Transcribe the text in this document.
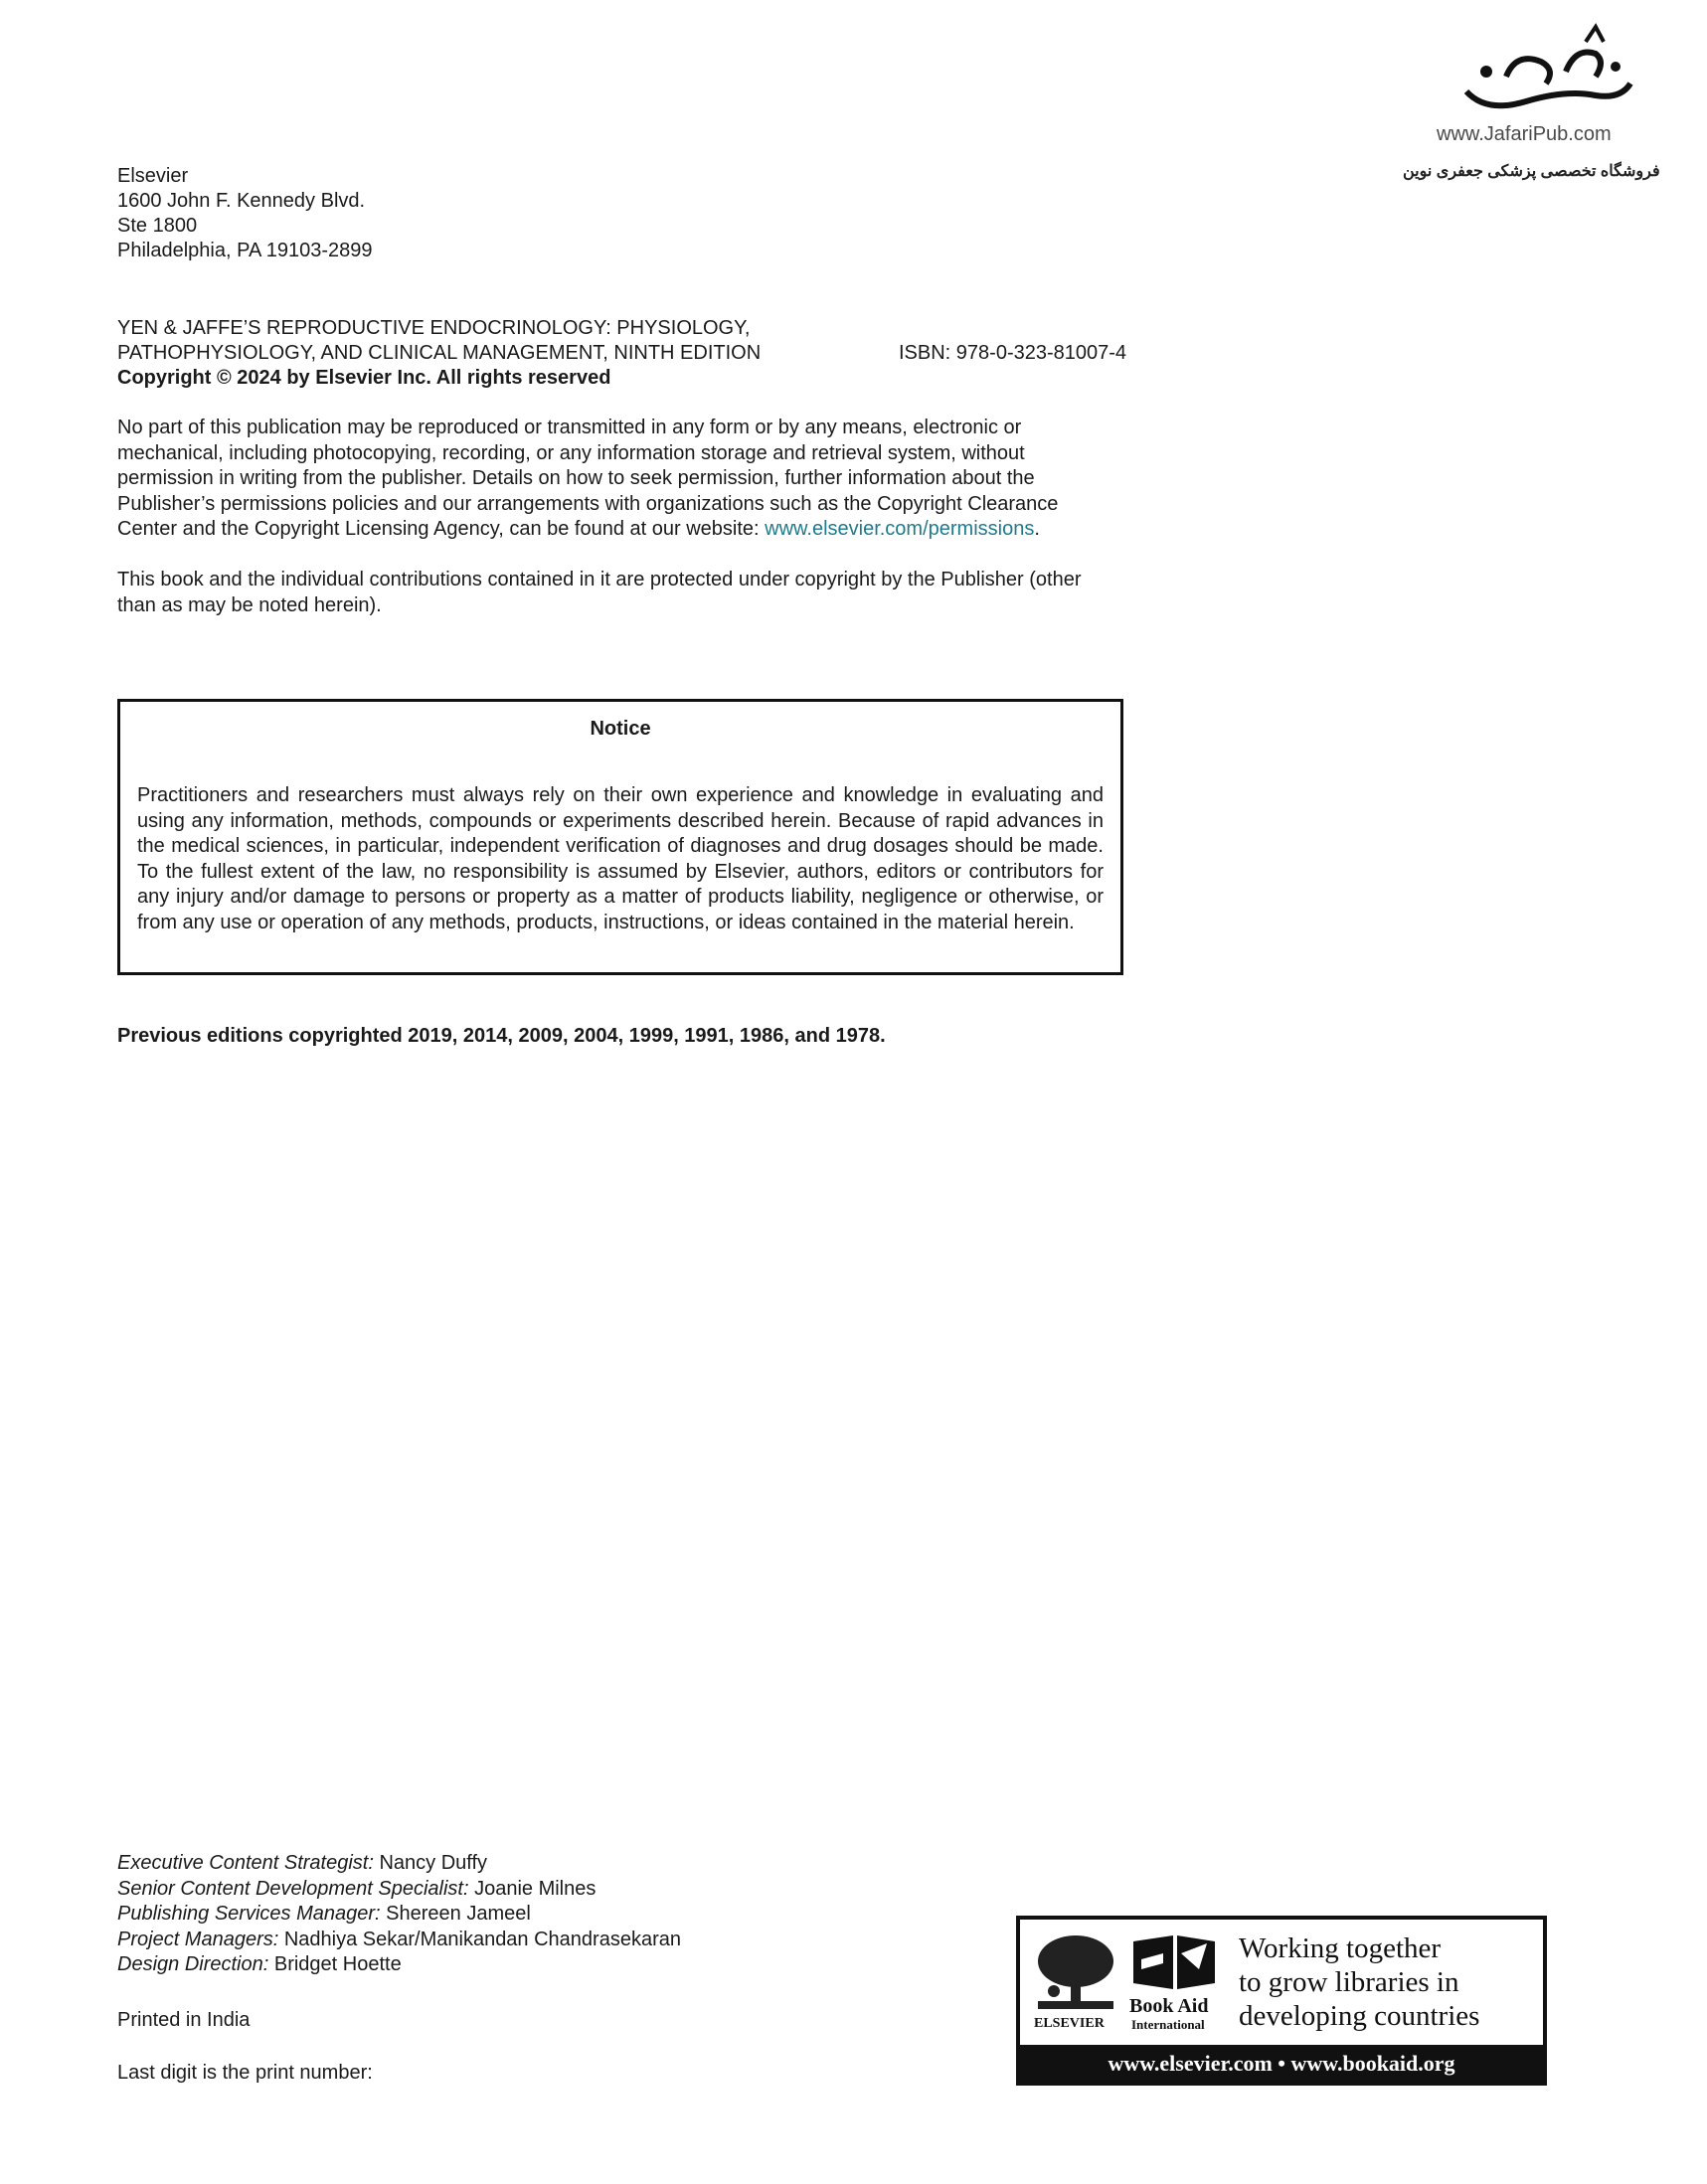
www.JafariPub.com
فروشگاه تخصصی پزشکی جعفری نوین
Elsevier
1600 John F. Kennedy Blvd.
Ste 1800
Philadelphia, PA 19103-2899
YEN & JAFFE’S REPRODUCTIVE ENDOCRINOLOGY: PHYSIOLOGY,
PATHOPHYSIOLOGY, AND CLINICAL MANAGEMENT, NINTH EDITION	ISBN: 978-0-323-81007-4
Copyright © 2024 by Elsevier Inc. All rights reserved
No part of this publication may be reproduced or transmitted in any form or by any means, electronic or mechanical, including photocopying, recording, or any information storage and retrieval system, without permission in writing from the publisher. Details on how to seek permission, further information about the Publisher’s permissions policies and our arrangements with organizations such as the Copyright Clearance Center and the Copyright Licensing Agency, can be found at our website: www.elsevier.com/permissions.
This book and the individual contributions contained in it are protected under copyright by the Publisher (other than as may be noted herein).
Notice
Practitioners and researchers must always rely on their own experience and knowledge in evaluating and using any information, methods, compounds or experiments described herein. Because of rapid advances in the medical sciences, in particular, independent verification of diagnoses and drug dosages should be made. To the fullest extent of the law, no responsibility is assumed by Elsevier, authors, editors or contributors for any injury and/or damage to persons or property as a matter of products liability, negligence or otherwise, or from any use or operation of any methods, products, instructions, or ideas contained in the material herein.
Previous editions copyrighted 2019, 2014, 2009, 2004, 1999, 1991, 1986, and 1978.
Executive Content Strategist: Nancy Duffy
Senior Content Development Specialist: Joanie Milnes
Publishing Services Manager: Shereen Jameel
Project Managers: Nadhiya Sekar/Manikandan Chandrasekaran
Design Direction: Bridget Hoette
Printed in India
Last digit is the print number:
ELSEVIER
Book Aid
International
Working together
to grow libraries in
developing countries
www.elsevier.com • www.bookaid.org
